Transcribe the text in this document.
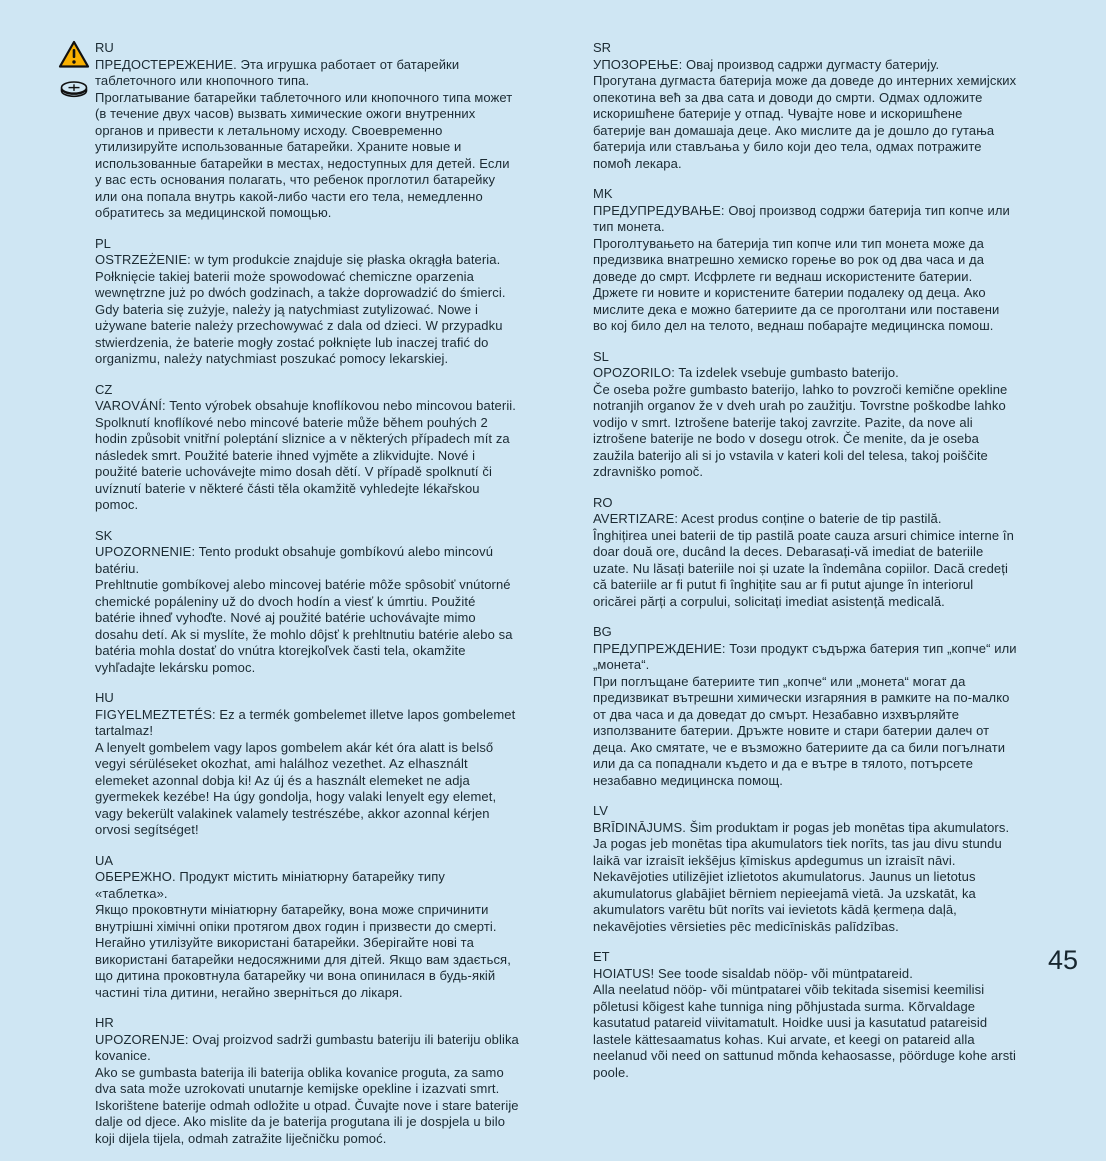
RU

ПРЕДОСТЕРЕЖЕНИЕ. Эта игрушка работает от батарейки таблеточного или кнопочного типа.

Проглатывание батарейки таблеточного или кнопочного типа может (в течение двух часов) вызвать химические ожоги внутренних органов и привести к летальному исходу. Своевременно утилизируйте использованные батарейки. Храните новые и использованные батарейки в местах, недоступных для детей. Если у вас есть основания полагать, что ребенок проглотил батарейку или она попала внутрь какой-либо части его тела, немедленно обратитесь за медицинской помощью.

PL

OSTRZEŻENIE: w tym produkcie znajduje się płaska okrągła bateria.

Połknięcie takiej baterii może spowodować chemiczne oparzenia wewnętrzne już po dwóch godzinach, a także doprowadzić do śmierci. Gdy bateria się zużyje, należy ją natychmiast zutylizować. Nowe i używane baterie należy przechowywać z dala od dzieci. W przypadku stwierdzenia, że baterie mogły zostać połknięte lub inaczej trafić do organizmu, należy natychmiast poszukać pomocy lekarskiej.

CZ

VAROVÁNÍ: Tento výrobek obsahuje knoflíkovou nebo mincovou baterii.

Spolknutí knoflíkové nebo mincové baterie může během pouhých 2 hodin způsobit vnitřní poleptání sliznice a v některých případech mít za následek smrt. Použité baterie ihned vyjměte a zlikvidujte. Nové i použité baterie uchovávejte mimo dosah dětí. V případě spolknutí či uvíznutí baterie v některé části těla okamžitě vyhledejte lékařskou pomoc.

SK

UPOZORNENIE: Tento produkt obsahuje gombíkovú alebo mincovú batériu.

Prehltnutie gombíkovej alebo mincovej batérie môže spôsobiť vnútorné chemické popáleniny už do dvoch hodín a viesť k úmrtiu. Použité batérie ihneď vyhoďte. Nové aj použité batérie uchovávajte mimo dosahu detí. Ak si myslíte, že mohlo dôjsť k prehltnutiu batérie alebo sa batéria mohla dostať do vnútra ktorejkoľvek časti tela, okamžite vyhľadajte lekársku pomoc.

HU

FIGYELMEZTETÉS: Ez a termék gombelemet illetve lapos gombelemet tartalmaz!

A lenyelt gombelem vagy lapos gombelem akár két óra alatt is belső vegyi sérüléseket okozhat, ami halálhoz vezethet. Az elhasznált elemeket azonnal dobja ki! Az új és a használt elemeket ne adja gyermekek kezébe! Ha úgy gondolja, hogy valaki lenyelt egy elemet, vagy bekerült valakinek valamely testrészébe, akkor azonnal kérjen orvosi segítséget!

UA

ОБЕРЕЖНО. Продукт містить мініатюрну батарейку типу «таблетка».

Якщо проковтнути мініатюрну батарейку, вона може спричинити внутрішні хімічні опіки протягом двох годин і призвести до смерті. Негайно утилізуйте використані батарейки. Зберігайте нові та використані батарейки недосяжними для дітей. Якщо вам здається, що дитина проковтнула батарейку чи вона опинилася в будь-якій частині тіла дитини, негайно зверніться до лікаря.

HR

UPOZORENJE: Ovaj proizvod sadrži gumbastu bateriju ili bateriju oblika kovanice.

Ako se gumbasta baterija ili baterija oblika kovanice proguta, za samo dva sata može uzrokovati unutarnje kemijske opekline i izazvati smrt. Iskorištene baterije odmah odložite u otpad. Čuvajte nove i stare baterije dalje od djece. Ako mislite da je baterija progutana ili je dospjela u bilo koji dijela tijela, odmah zatražite liječničku pomoć.

SR

УПОЗОРЕЊЕ: Овај производ садржи дугмасту батерију.

Прогутана дугмаста батерија може да доведе до интерних хемијских опекотина већ за два сата и доводи до смрти. Одмах одложите искоришћене батерије у отпад. Чувајте нове и искоришћене батерије ван домашаја деце. Ако мислите да је дошло до гутања батерија или стављања у било који део тела, одмах потражите помоћ лекара.

MK

ПРЕДУПРЕДУВАЊЕ: Овој производ содржи батерија тип копче или тип монета.

Проголтувањето на батерија тип копче или тип монета може да предизвика внатрешно хемиско горење во рок од два часа и да доведе до смрт. Исфрлете ги веднаш искористените батерии. Држете ги новите и користените батерии подалеку од деца. Ако мислите дека е можно батериите да се проголтани или поставени во кој било дел на телото, веднаш побарајте медицинска помош.

SL

OPOZORILO: Ta izdelek vsebuje gumbasto baterijo.

Če oseba požre gumbasto baterijo, lahko to povzroči kemične opekline notranjih organov že v dveh urah po zaužitju. Tovrstne poškodbe lahko vodijo v smrt. Iztrošene baterije takoj zavrzite. Pazite, da nove ali iztrošene baterije ne bodo v dosegu otrok. Če menite, da je oseba zaužila baterijo ali si jo vstavila v kateri koli del telesa, takoj poiščite zdravniško pomoč.

RO

AVERTIZARE: Acest produs conține o baterie de tip pastilă.

Înghițirea unei baterii de tip pastilă poate cauza arsuri chimice interne în doar două ore, ducând la deces. Debarasați-vă imediat de bateriile uzate. Nu lăsați bateriile noi și uzate la îndemâna copiilor. Dacă credeți că bateriile ar fi putut fi înghițite sau ar fi putut ajunge în interiorul oricărei părți a corpului, solicitați imediat asistență medicală.

BG

ПРЕДУПРЕЖДЕНИЕ: Този продукт съдържа батерия тип „копче“ или „монета“.

При поглъщане батериите тип „копче“ или „монета“ могат да предизвикат вътрешни химически изгаряния в рамките на по-малко от два часа и да доведат до смърт. Незабавно изхвърляйте използваните батерии. Дръжте новите и стари батерии далеч от деца. Ако смятате, че е възможно батериите да са били погълнати или да са попаднали където и да е вътре в тялото, потърсете незабавно медицинска помощ.

LV

BRĪDINĀJUMS. Šim produktam ir pogas jeb monētas tipa akumulators.

Ja pogas jeb monētas tipa akumulators tiek norīts, tas jau divu stundu laikā var izraisīt iekšējus ķīmiskus apdegumus un izraisīt nāvi. Nekavējoties utilizējiet izlietotos akumulatorus. Jaunus un lietotus akumulatorus glabājiet bērniem nepieejamā vietā. Ja uzskatāt, ka akumulators varētu būt norīts vai ievietots kādā ķermeņa daļā, nekavējoties vērsieties pēc medicīniskās palīdzības.

ET

HOIATUS! See toode sisaldab nööp- või müntpatareid.

Alla neelatud nööp- või müntpatarei võib tekitada sisemisi keemilisi põletusi kõigest kahe tunniga ning põhjustada surma. Kõrvaldage kasutatud patareid viivitamatult. Hoidke uusi ja kasutatud patareisid lastele kättesaamatus kohas. Kui arvate, et keegi on patareid alla neelanud või need on sattunud mõnda kehaosasse, pöörduge kohe arsti poole.

45
